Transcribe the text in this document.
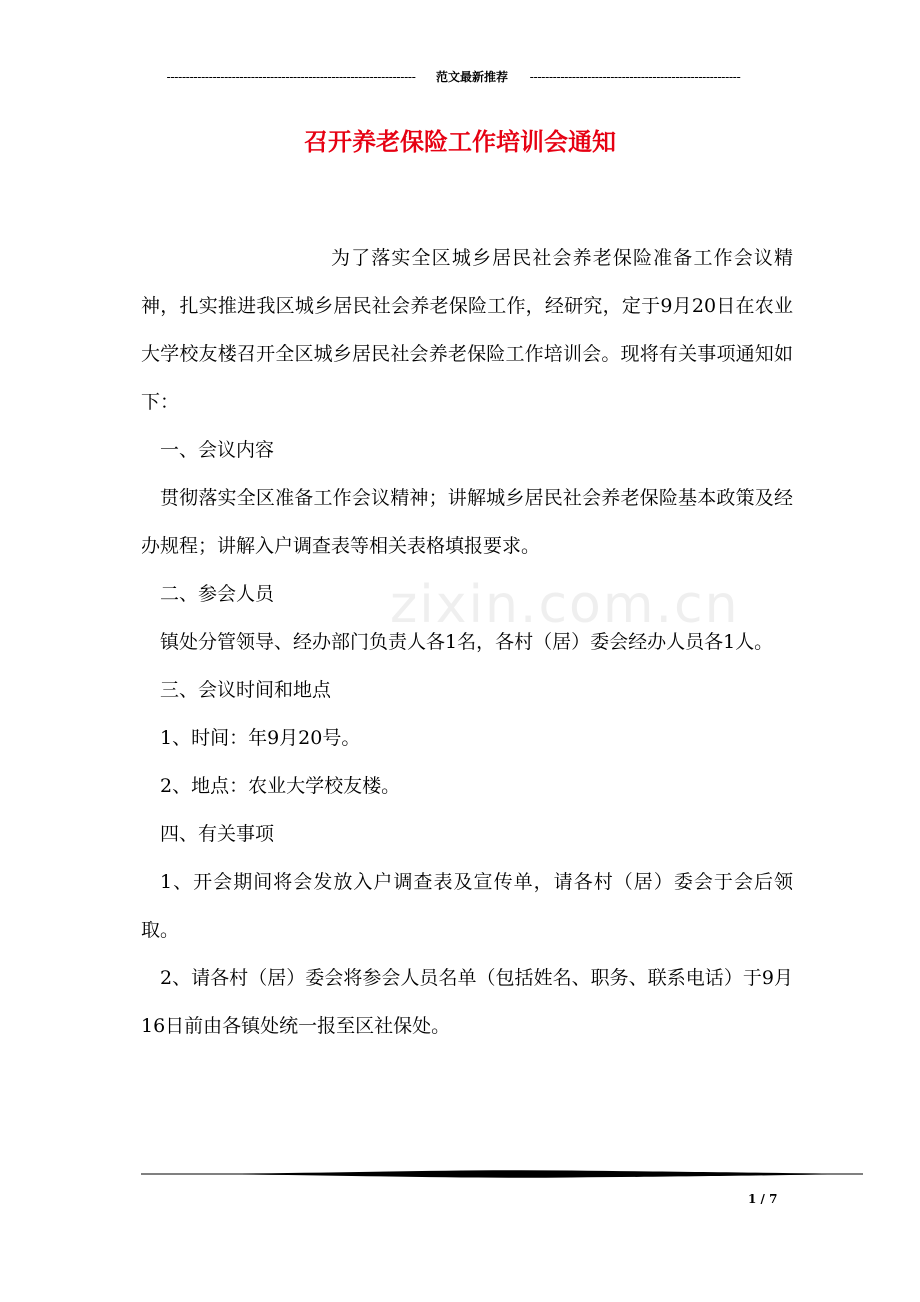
----------------------------------------------------------------- 范文最新推荐 -------------------------------------------------------
召开养老保险工作培训会通知
zixin.com.cn

为了落实全区城乡居民社会养老保险准备工作会议精神，扎实推进我区城乡居民社会养老保险工作，经研究，定于9月20日在农业大学校友楼召开全区城乡居民社会养老保险工作培训会。现将有关事项通知如下：

一、会议内容

贯彻落实全区准备工作会议精神；讲解城乡居民社会养老保险基本政策及经办规程；讲解入户调查表等相关表格填报要求。

二、参会人员

镇处分管领导、经办部门负责人各1名，各村（居）委会经办人员各1人。

三、会议时间和地点

1、时间：年9月20号。

2、地点：农业大学校友楼。

四、有关事项

1、开会期间将会发放入户调查表及宣传单，请各村（居）委会于会后领取。

2、请各村（居）委会将参会人员名单（包括姓名、职务、联系电话）于9月16日前由各镇处统一报至区社保处。

1 / 7
